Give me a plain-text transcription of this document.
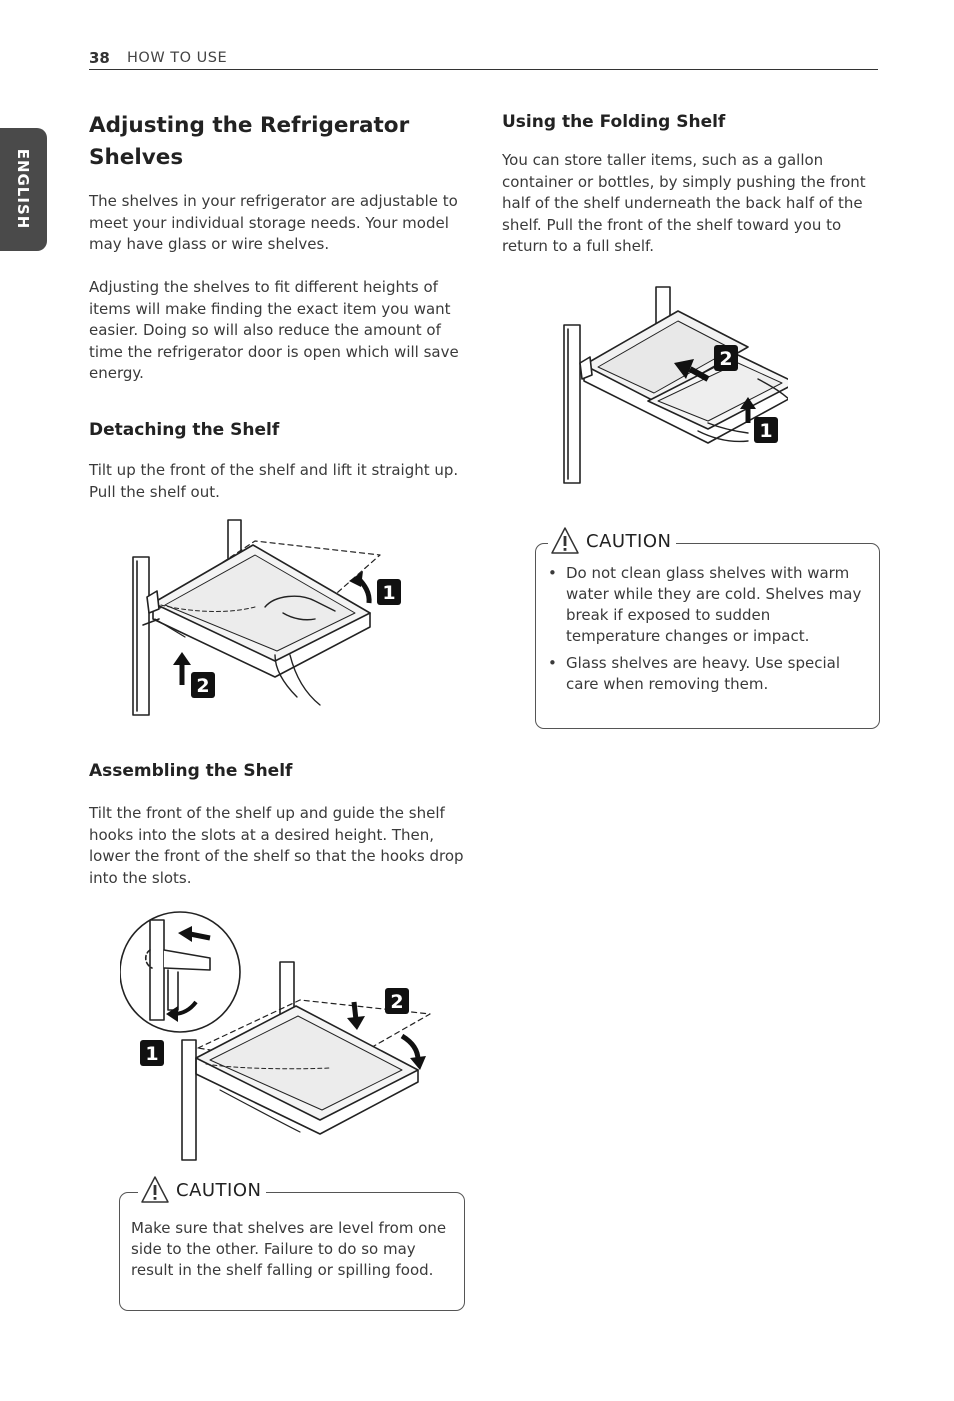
38 HOW TO USE
ENGLISH
Adjusting the Refrigerator Shelves
The shelves in your refrigerator are adjustable to meet your individual storage needs. Your model may have glass or wire shelves.
Adjusting the shelves to fit different heights of items will make finding the exact item you want easier. Doing so will also reduce the amount of time the refrigerator door is open which will save energy.
Detaching the Shelf
Tilt up the front of the shelf and lift it straight up. Pull the shelf out.
1
2
Assembling the Shelf
Tilt the front of the shelf up and guide the shelf hooks into the slots at a desired height. Then, lower the front of the shelf so that the hooks drop into the slots.
2
1
CAUTION
Make sure that shelves are level from one side to the other. Failure to do so may result in the shelf falling or spilling food.
Using the Folding Shelf
You can store taller items, such as a gallon container or bottles, by simply pushing the front half of the shelf underneath the back half of the shelf. Pull the front of the shelf toward you to return to a full shelf.
2
1
CAUTION
• Do not clean glass shelves with warm water while they are cold. Shelves may break if exposed to sudden temperature changes or impact.
• Glass shelves are heavy. Use special care when removing them.
